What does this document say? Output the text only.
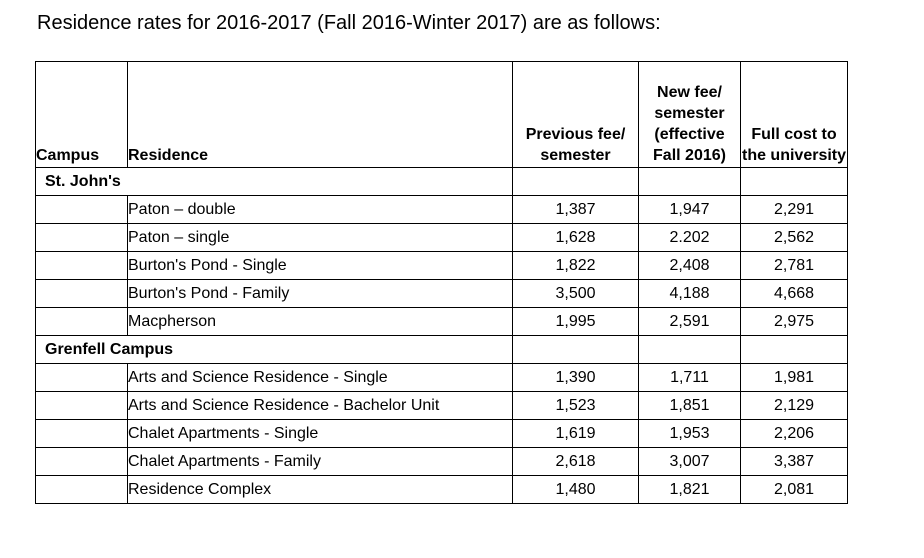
Residence rates for 2016-2017 (Fall 2016-Winter 2017) are as follows:
Campus	Residence	Previous fee/ semester	New fee/ semester (effective Fall 2016)	Full cost to the university
St. John's				
	Paton – double	1,387	1,947	2,291
	Paton – single	1,628	2.202	2,562
	Burton's Pond - Single	1,822	2,408	2,781
	Burton's Pond - Family	3,500	4,188	4,668
	Macpherson	1,995	2,591	2,975
Grenfell Campus				
	Arts and Science Residence - Single	1,390	1,711	1,981
	Arts and Science Residence - Bachelor Unit	1,523	1,851	2,129
	Chalet Apartments - Single	1,619	1,953	2,206
	Chalet Apartments - Family	2,618	3,007	3,387
	Residence Complex	1,480	1,821	2,081
